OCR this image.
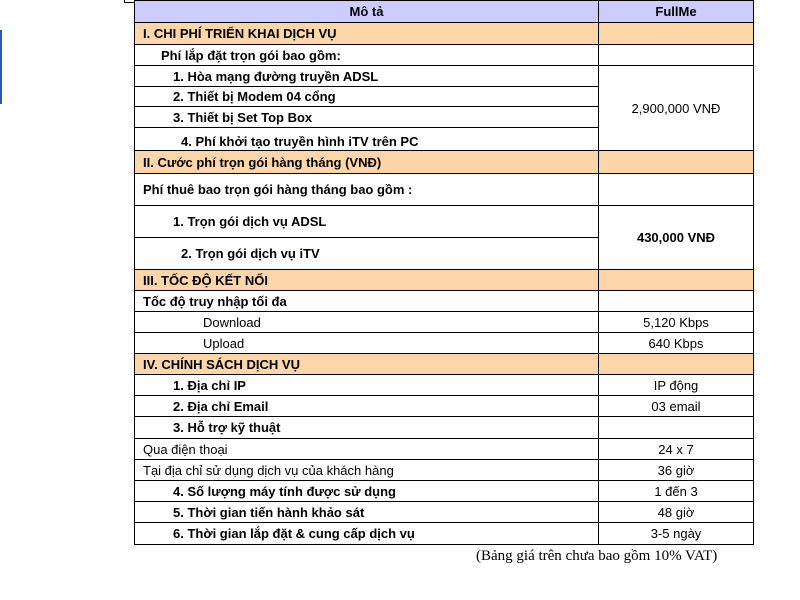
Mô tả	FullMe
I. CHI PHÍ TRIỂN KHAI DỊCH VỤ	
Phí lắp đặt trọn gói bao gồm:	
1. Hòa mạng đường truyền ADSL	2,900,000 VNĐ
2. Thiết bị Modem 04 cổng	
3. Thiết bị Set Top Box	
4. Phí khởi tạo truyền hình iTV trên PC	
II. Cước phí trọn gói hàng tháng (VNĐ)	
Phí thuê bao trọn gói hàng tháng bao gồm :	
1. Trọn gói dịch vụ ADSL	430,000 VNĐ
2. Trọn gói dịch vụ iTV	
III. TỐC ĐỘ KẾT NỐI	
Tốc độ truy nhập tối đa	
Download	5,120 Kbps
Upload	640 Kbps
IV. CHÍNH SÁCH DỊCH VỤ	
1. Địa chỉ IP	IP động
2. Địa chỉ Email	03 email
3. Hỗ trợ kỹ thuật	
Qua điện thoại	24 x 7
Tại địa chỉ sử dụng dịch vụ của khách hàng	36 giờ
4. Số lượng máy tính được sử dụng	1 đến 3
5. Thời gian tiến hành khảo sát	48 giờ
6. Thời gian lắp đặt & cung cấp dịch vụ	3-5 ngày
(Bảng giá trên chưa bao gồm 10% VAT)
